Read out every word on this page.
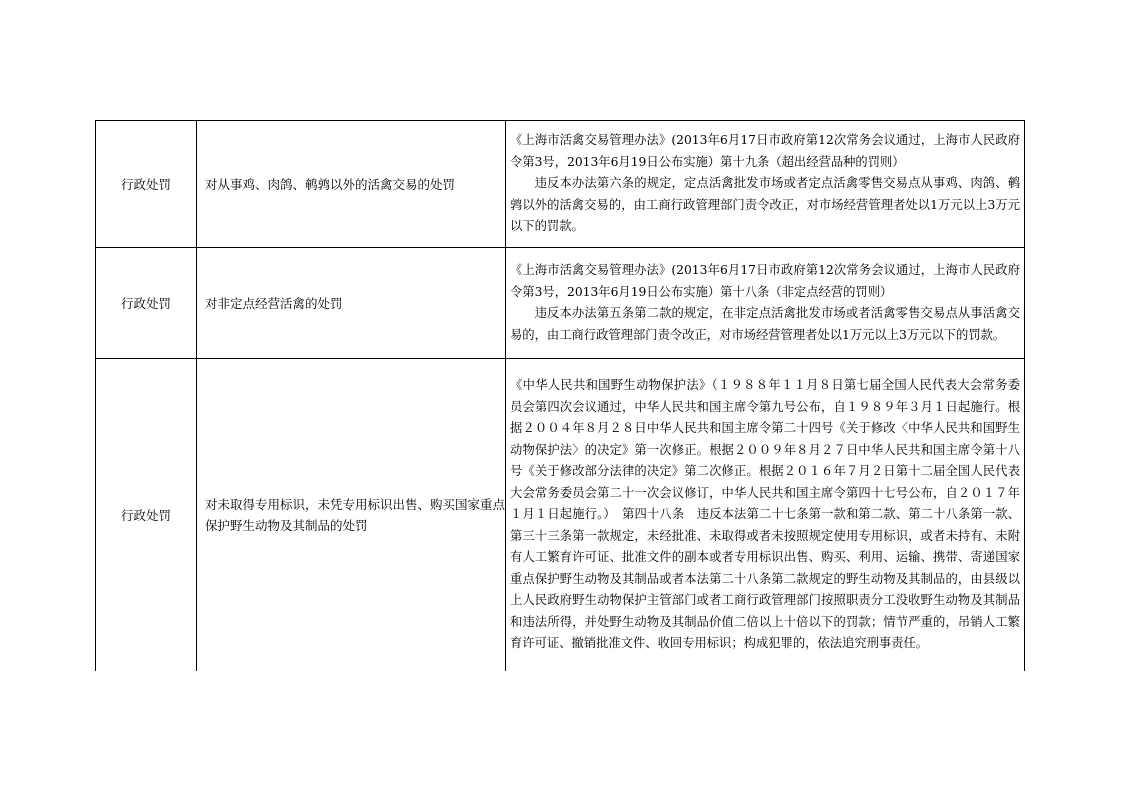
行政处罚	对从事鸡、肉鸽、鹌鹑以外的活禽交易的处罚	《上海市活禽交易管理办法》(2013年6月17日市政府第12次常务会议通过，上海市人民政府令第3号，2013年6月19日公布实施）第十九条（超出经营品种的罚则）
违反本办法第六条的规定，定点活禽批发市场或者定点活禽零售交易点从事鸡、肉鸽、鹌鹑以外的活禽交易的，由工商行政管理部门责令改正，对市场经营管理者处以1万元以上3万元以下的罚款。

行政处罚	对非定点经营活禽的处罚	《上海市活禽交易管理办法》(2013年6月17日市政府第12次常务会议通过，上海市人民政府令第3号，2013年6月19日公布实施）第十八条（非定点经营的罚则）
违反本办法第五条第二款的规定，在非定点活禽批发市场或者活禽零售交易点从事活禽交易的，由工商行政管理部门责令改正，对市场经营管理者处以1万元以上3万元以下的罚款。

行政处罚	对未取得专用标识，未凭专用标识出售、购买国家重点保护野生动物及其制品的处罚	《中华人民共和国野生动物保护法》（１９８８年１１月８日第七届全国人民代表大会常务委员会第四次会议通过，中华人民共和国主席令第九号公布，自１９８９年３月１日起施行。根据２００４年８月２８日中华人民共和国主席令第二十四号《关于修改〈中华人民共和国野生动物保护法〉的决定》第一次修正。根据２００９年８月２７日中华人民共和国主席令第十八号《关于修改部分法律的决定》第二次修正。根据２０１６年７月２日第十二届全国人民代表大会常务委员会第二十一次会议修订，中华人民共和国主席令第四十七号公布，自２０１７年１月１日起施行。）　第四十八条　违反本法第二十七条第一款和第二款、第二十八条第一款、第三十三条第一款规定，未经批准、未取得或者未按照规定使用专用标识，或者未持有、未附有人工繁育许可证、批准文件的副本或者专用标识出售、购买、利用、运输、携带、寄递国家重点保护野生动物及其制品或者本法第二十八条第二款规定的野生动物及其制品的，由县级以上人民政府野生动物保护主管部门或者工商行政管理部门按照职责分工没收野生动物及其制品和违法所得，并处野生动物及其制品价值二倍以上十倍以下的罚款；情节严重的，吊销人工繁育许可证、撤销批准文件、收回专用标识；构成犯罪的，依法追究刑事责任。
